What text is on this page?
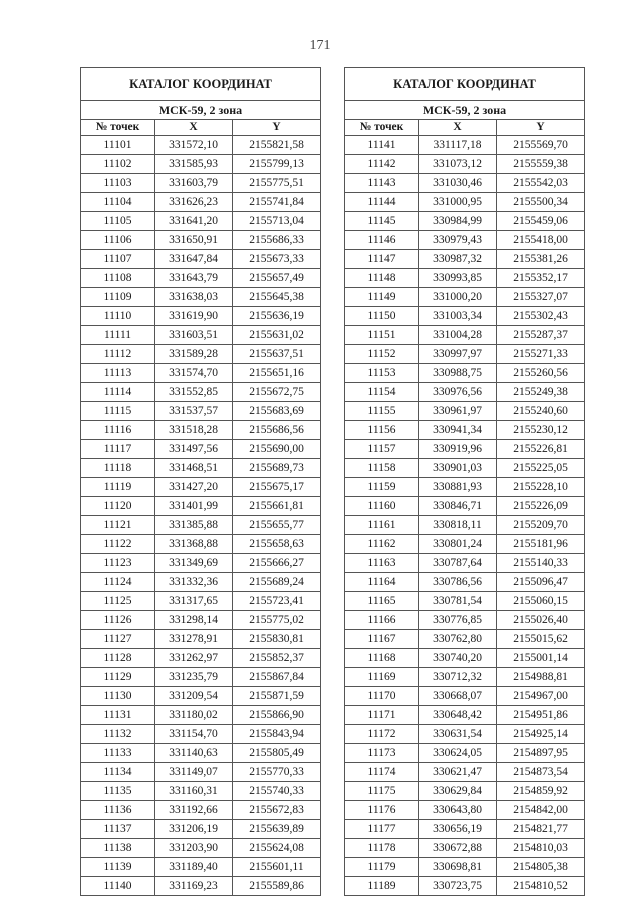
171
КАТАЛОГ КООРДИНАТ		
МСК-59, 2 зона		
№ точек	X	Y
11101	331572,10	2155821,58
11102	331585,93	2155799,13
11103	331603,79	2155775,51
11104	331626,23	2155741,84
11105	331641,20	2155713,04
11106	331650,91	2155686,33
11107	331647,84	2155673,33
11108	331643,79	2155657,49
11109	331638,03	2155645,38
11110	331619,90	2155636,19
11111	331603,51	2155631,02
11112	331589,28	2155637,51
11113	331574,70	2155651,16
11114	331552,85	2155672,75
11115	331537,57	2155683,69
11116	331518,28	2155686,56
11117	331497,56	2155690,00
11118	331468,51	2155689,73
11119	331427,20	2155675,17
11120	331401,99	2155661,81
11121	331385,88	2155655,77
11122	331368,88	2155658,63
11123	331349,69	2155666,27
11124	331332,36	2155689,24
11125	331317,65	2155723,41
11126	331298,14	2155775,02
11127	331278,91	2155830,81
11128	331262,97	2155852,37
11129	331235,79	2155867,84
11130	331209,54	2155871,59
11131	331180,02	2155866,90
11132	331154,70	2155843,94
11133	331140,63	2155805,49
11134	331149,07	2155770,33
11135	331160,31	2155740,33
11136	331192,66	2155672,83
11137	331206,19	2155639,89
11138	331203,90	2155624,08
11139	331189,40	2155601,11
11140	331169,23	2155589,86
КАТАЛОГ КООРДИНАТ		
МСК-59, 2 зона		
№ точек	X	Y
11141	331117,18	2155569,70
11142	331073,12	2155559,38
11143	331030,46	2155542,03
11144	331000,95	2155500,34
11145	330984,99	2155459,06
11146	330979,43	2155418,00
11147	330987,32	2155381,26
11148	330993,85	2155352,17
11149	331000,20	2155327,07
11150	331003,34	2155302,43
11151	331004,28	2155287,37
11152	330997,97	2155271,33
11153	330988,75	2155260,56
11154	330976,56	2155249,38
11155	330961,97	2155240,60
11156	330941,34	2155230,12
11157	330919,96	2155226,81
11158	330901,03	2155225,05
11159	330881,93	2155228,10
11160	330846,71	2155226,09
11161	330818,11	2155209,70
11162	330801,24	2155181,96
11163	330787,64	2155140,33
11164	330786,56	2155096,47
11165	330781,54	2155060,15
11166	330776,85	2155026,40
11167	330762,80	2155015,62
11168	330740,20	2155001,14
11169	330712,32	2154988,81
11170	330668,07	2154967,00
11171	330648,42	2154951,86
11172	330631,54	2154925,14
11173	330624,05	2154897,95
11174	330621,47	2154873,54
11175	330629,84	2154859,92
11176	330643,80	2154842,00
11177	330656,19	2154821,77
11178	330672,88	2154810,03
11179	330698,81	2154805,38
11189	330723,75	2154810,52
